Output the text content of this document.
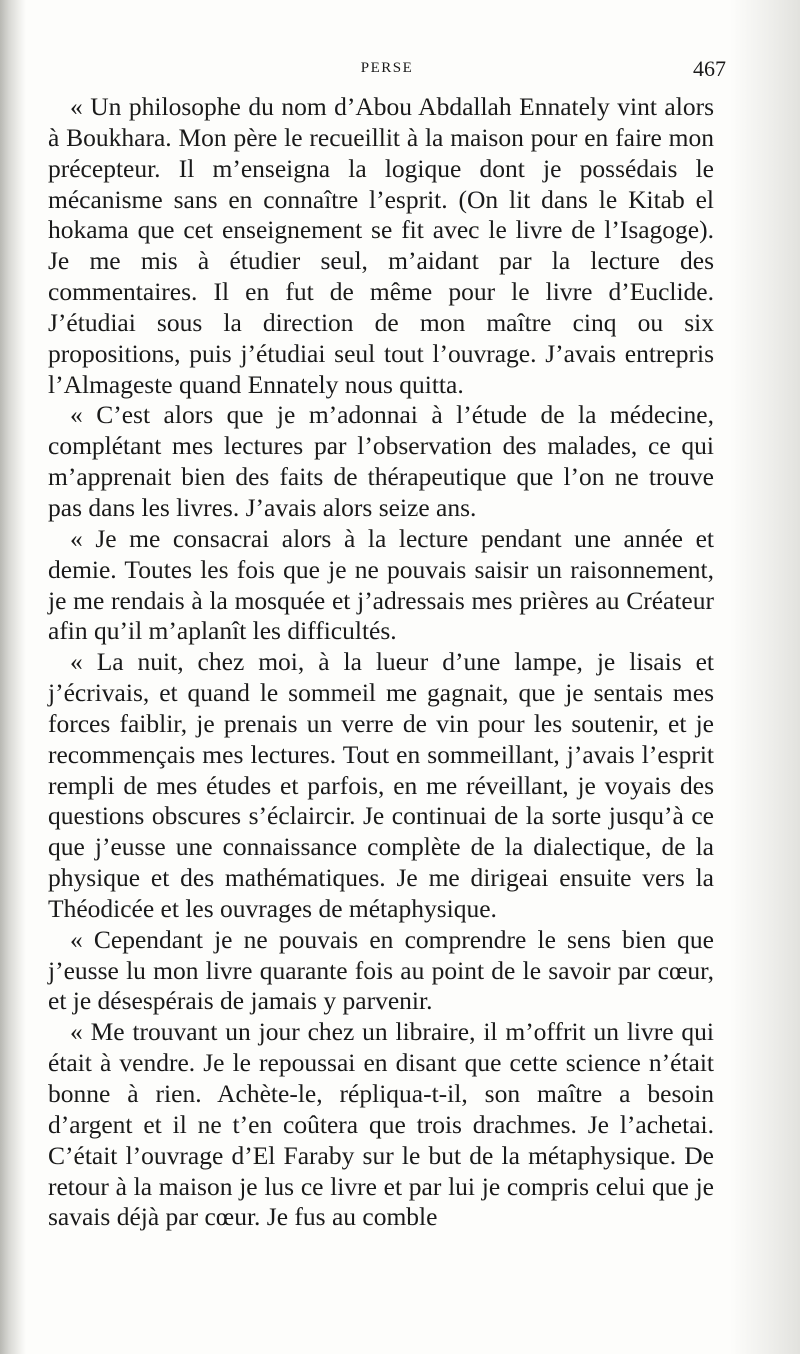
PERSE	467

« Un philosophe du nom d’Abou Abdallah Ennately vint alors à Boukhara. Mon père le recueillit à la maison pour en faire mon précepteur. Il m’enseigna la logique dont je possédais le mécanisme sans en connaître l’esprit. (On lit dans le Kitab el hokama que cet enseignement se fit avec le livre de l’Isagoge). Je me mis à étudier seul, m’aidant par la lecture des commentaires. Il en fut de même pour le livre d’Euclide. J’étudiai sous la direction de mon maître cinq ou six propositions, puis j’étudiai seul tout l’ouvrage. J’avais entrepris l’Almageste quand Ennately nous quitta.

« C’est alors que je m’adonnai à l’étude de la médecine, complétant mes lectures par l’observation des malades, ce qui m’apprenait bien des faits de thérapeutique que l’on ne trouve pas dans les livres. J’avais alors seize ans.

« Je me consacrai alors à la lecture pendant une année et demie. Toutes les fois que je ne pouvais saisir un raisonnement, je me rendais à la mosquée et j’adressais mes prières au Créateur afin qu’il m’aplanît les difficultés.

« La nuit, chez moi, à la lueur d’une lampe, je lisais et j’écrivais, et quand le sommeil me gagnait, que je sentais mes forces faiblir, je prenais un verre de vin pour les soutenir, et je recommençais mes lectures. Tout en sommeillant, j’avais l’esprit rempli de mes études et parfois, en me réveillant, je voyais des questions obscures s’éclaircir. Je continuai de la sorte jusqu’à ce que j’eusse une connaissance complète de la dialectique, de la physique et des mathématiques. Je me dirigeai ensuite vers la Théodicée et les ouvrages de métaphysique.

« Cependant je ne pouvais en comprendre le sens bien que j’eusse lu mon livre quarante fois au point de le savoir par cœur, et je désespérais de jamais y parvenir.

« Me trouvant un jour chez un libraire, il m’offrit un livre qui était à vendre. Je le repoussai en disant que cette science n’était bonne à rien. Achète-le, répliqua-t-il, son maître a besoin d’argent et il ne t’en coûtera que trois drachmes. Je l’achetai. C’était l’ouvrage d’El Faraby sur le but de la métaphysique. De retour à la maison je lus ce livre et par lui je compris celui que je savais déjà par cœur. Je fus au comble
